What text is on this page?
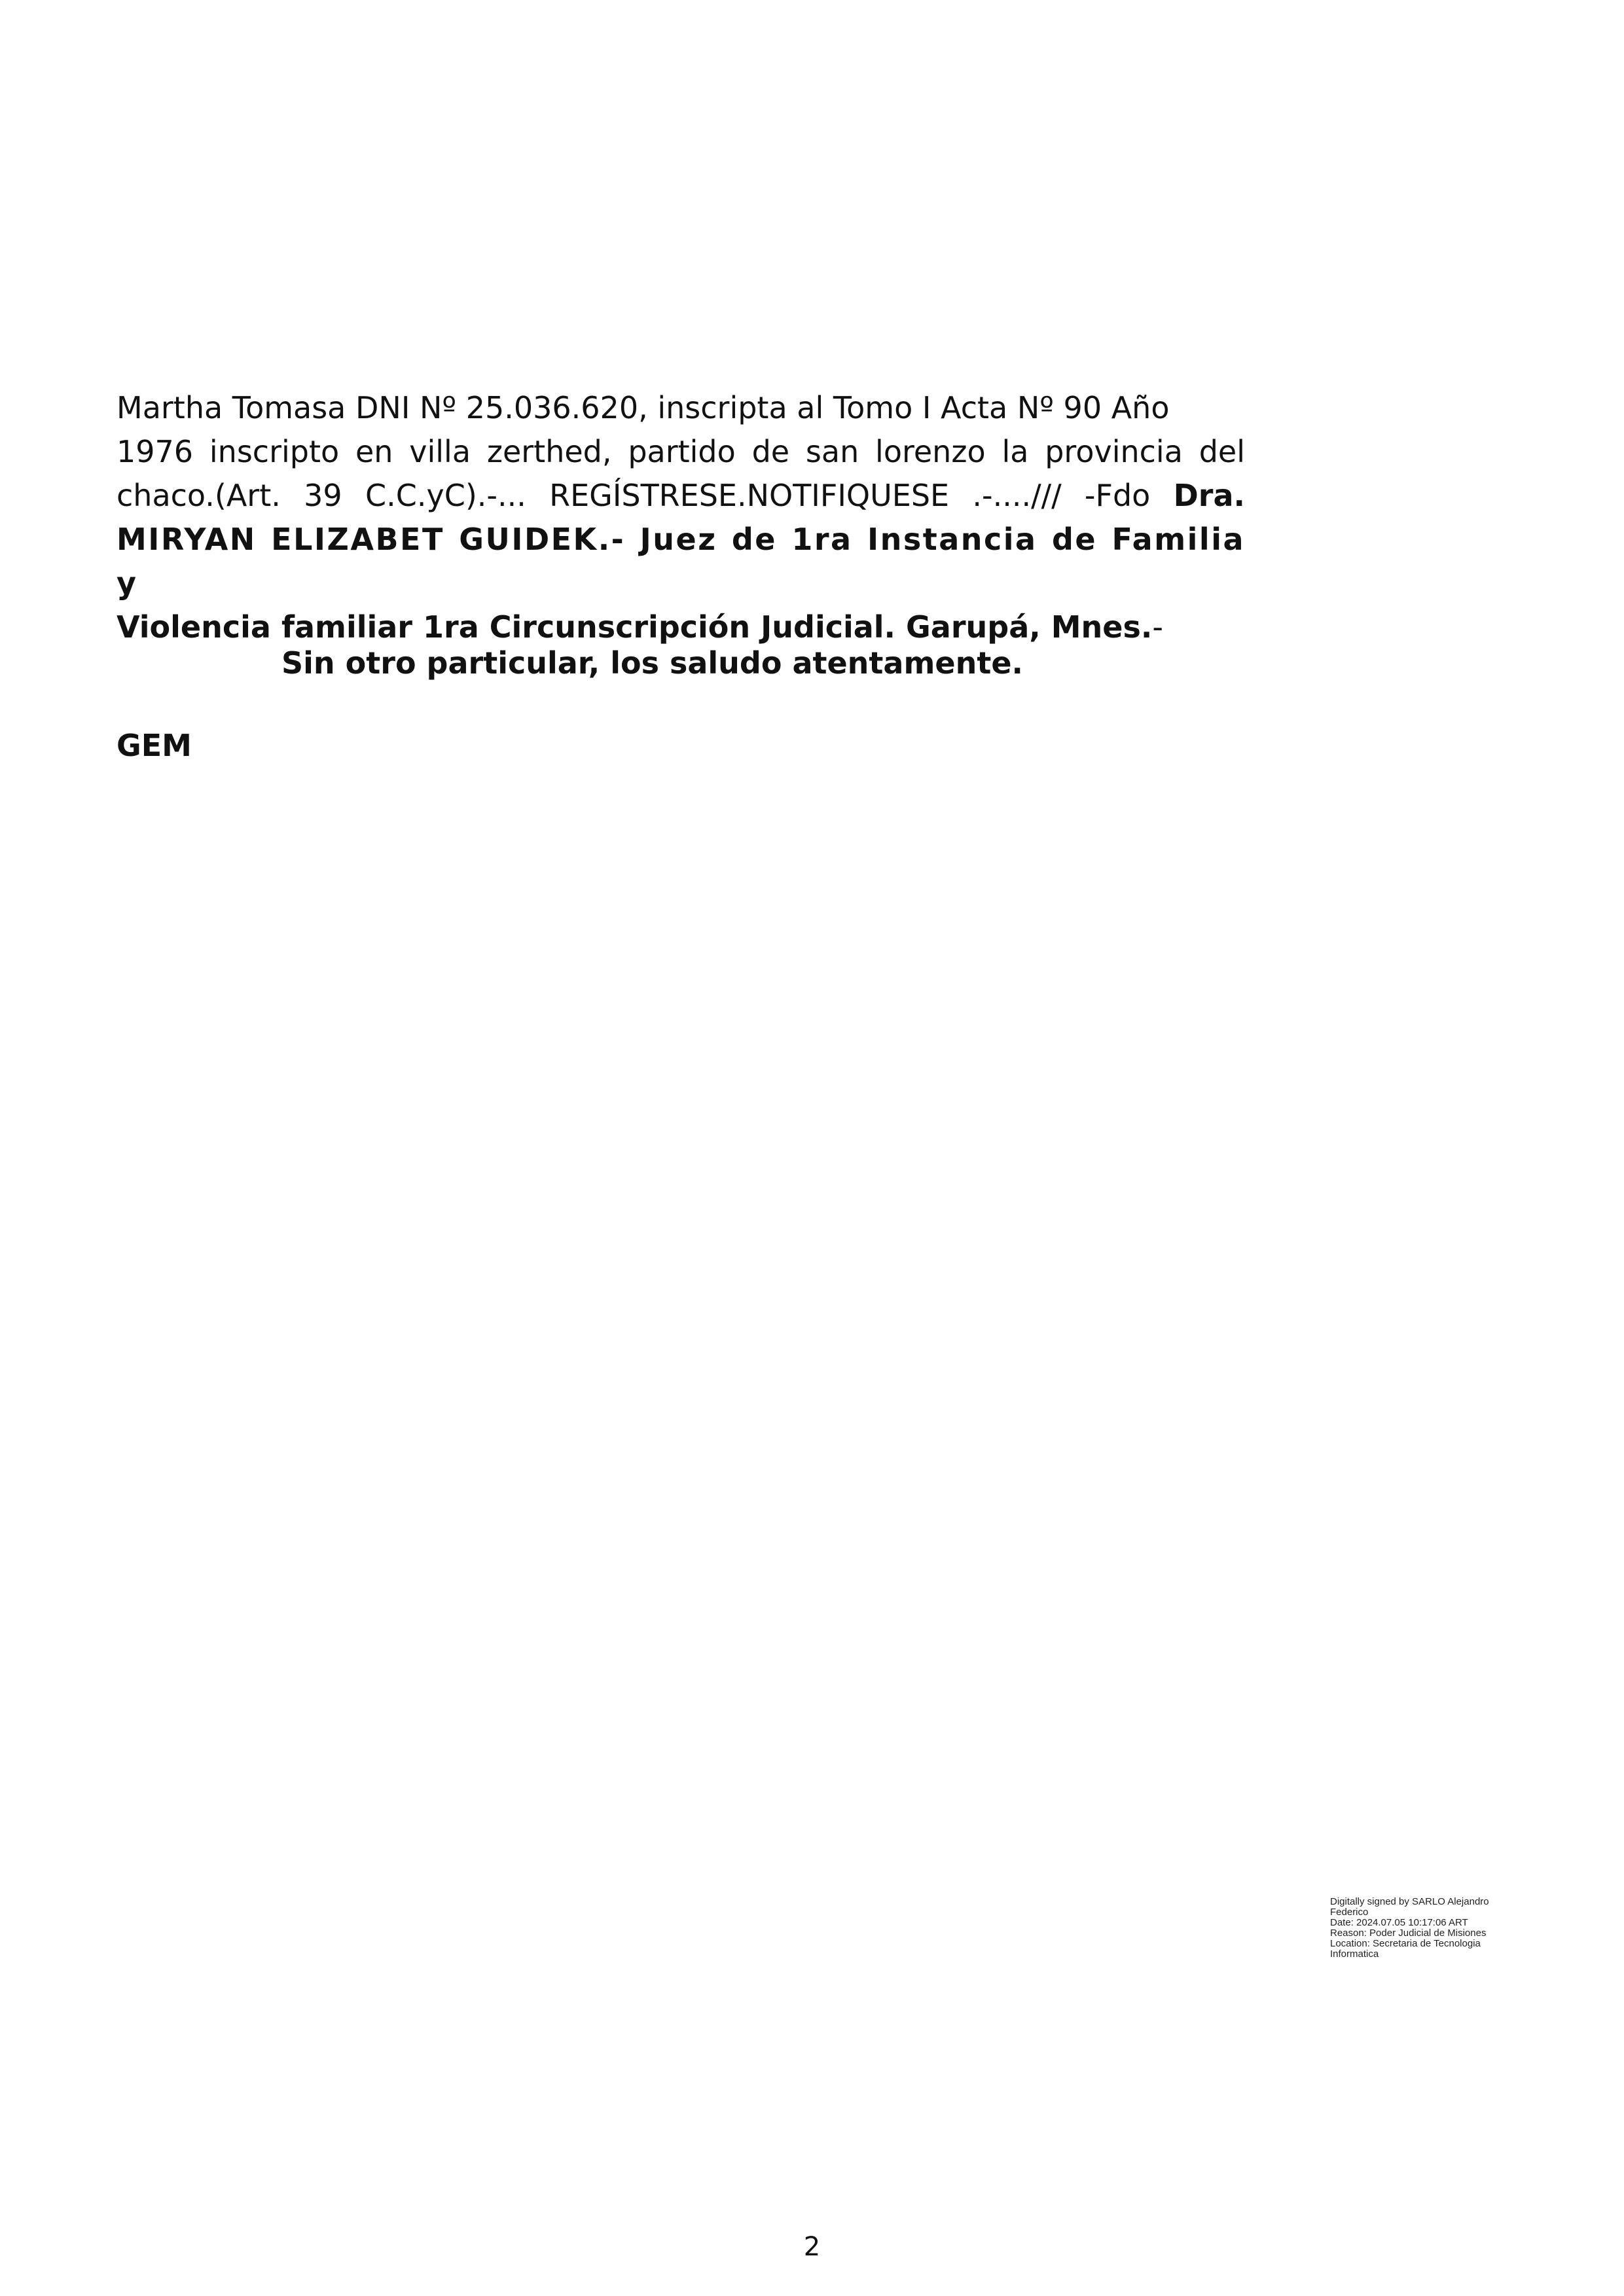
Martha Tomasa DNI Nº 25.036.620, inscripta al Tomo I Acta Nº 90 Año
1976 inscripto en villa zerthed, partido de san lorenzo la provincia del
chaco.(Art. 39 C.C.yC).-... REGÍSTRESE.NOTIFIQUESE .-..../// -Fdo Dra.
MIRYAN ELIZABET GUIDEK.- Juez de 1ra Instancia de Familia y
Violencia familiar 1ra Circunscripción Judicial. Garupá, Mnes.-
Sin otro particular, los saludo atentamente.
GEM
Digitally signed by SARLO Alejandro
Federico
Date: 2024.07.05 10:17:06 ART
Reason: Poder Judicial de Misiones
Location: Secretaria de Tecnologia
Informatica
2
